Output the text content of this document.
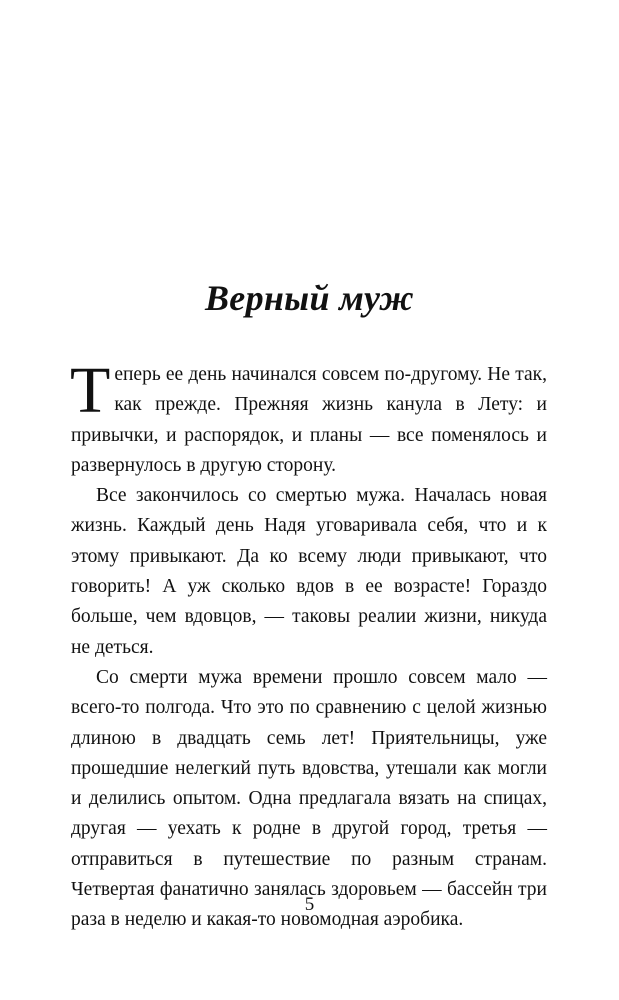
Верный муж

Теперь ее день начинался совсем по-другому. Не так, как прежде. Прежняя жизнь канула в Лету: и привычки, и распорядок, и планы — все поменялось и развернулось в другую сторону.

Все закончилось со смертью мужа. Началась новая жизнь. Каждый день Надя уговаривала себя, что и к этому привыкают. Да ко всему люди привыкают, что говорить! А уж сколько вдов в ее возрасте! Гораздо больше, чем вдовцов, — таковы реалии жизни, никуда не деться.

Со смерти мужа времени прошло совсем мало — всего-то полгода. Что это по сравнению с целой жизнью длиною в двадцать семь лет! Приятельницы, уже прошедшие нелегкий путь вдовства, утешали как могли и делились опытом. Одна предлагала вязать на спицах, другая — уехать к родне в другой город, третья — отправиться в путешествие по разным странам. Четвертая фанатично занялась здоровьем — бассейн три раза в неделю и какая-то новомодная аэробика.

5
